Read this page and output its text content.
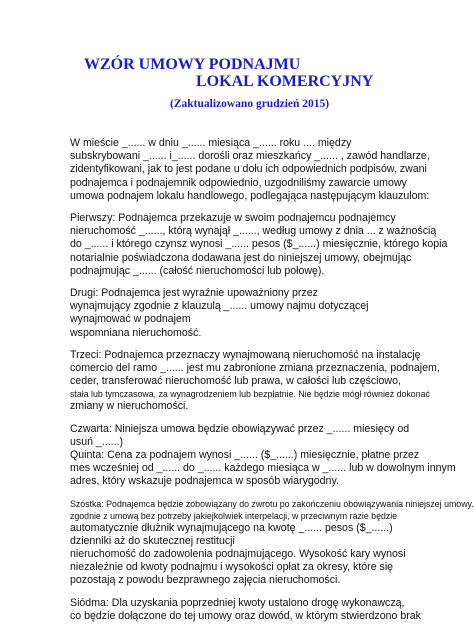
WZÓR UMOWY PODNAJMU
LOKAL KOMERCYJNY
(Zaktualizowano grudzień 2015)

W mieście _...... w dniu _...... miesiąca _...... roku .... między
subskrybowani _...... i_...... dorośli oraz mieszkańcy _...... , zawód handlarze,
zidentyfikowani, jak to jest podane u dołu ich odpowiednich podpisów, zwani
podnajemca i podnajemnik odpowiednio, uzgodniliśmy zawarcie umowy
umowa podnajem lokalu handlowego, podlegająca następującym klauzulom:

Pierwszy: Podnajemca przekazuje w swoim podnajemcu podnajemcy
nieruchomość _......, którą wynajął _......, według umowy z dnia ... z ważnością
do _...... i którego czynsz wynosi _...... pesos ($_......) miesięcznie, którego kopia
notarialnie poświadczona dodawana jest do niniejszej umowy, obejmując
podnajmując _...... (całość nieruchomości lub połowę).

Drugi: Podnajemca jest wyraźnie upoważniony przez
wynajmujący zgodnie z klauzulą _...... umowy najmu dotyczącej
wynajmować w podnajem
wspomniana nieruchomość.

Trzeci: Podnajemca przeznaczy wynajmowaną nieruchomość na instalację
comercio del ramo _...... jest mu zabronione zmiana przeznaczenia, podnajem,
ceder, transferować nieruchomość lub prawa, w całości lub częściowo,
stała lub tymczasowa, za wynagrodzeniem lub bezpłatnie. Nie będzie mógł również dokonać
zmiany w nieruchomości.

Czwarta: Niniejsza umowa będzie obowiązywać przez _...... miesięcy od
usuń _......)
Quinta: Cena za podnajem wynosi _...... ($_......) miesięcznie, płatne przez
mes wcześniej od _...... do _...... każdego miesiąca w _...... lub w dowolnym innym
adres, który wskazuje podnajemca w sposób wiarygodny.

Szóstka: Podnajemca będzie zobowiązany do zwrotu po zakończeniu obowiązywania niniejszej umowy.
zgodnie z umową bez potrzeby jakiejkolwiek interpelacji, w przeciwnym razie będzie
automatycznie dłużnik wynajmującego na kwotę _...... pesos ($_......)
dzienniki aż do skutecznej restitucji
nieruchomość do zadowolenia podnajmującego. Wysokość kary wynosi
niezależnie od kwoty podnajmu i wysokości opłat za okresy, które się
pozostają z powodu bezprawnego zajęcia nieruchomości.

Siódma: Dla uzyskania poprzedniej kwoty ustalono drogę wykonawczą,
co będzie dołączone do tej umowy oraz dowód, w którym stwierdzono brak
